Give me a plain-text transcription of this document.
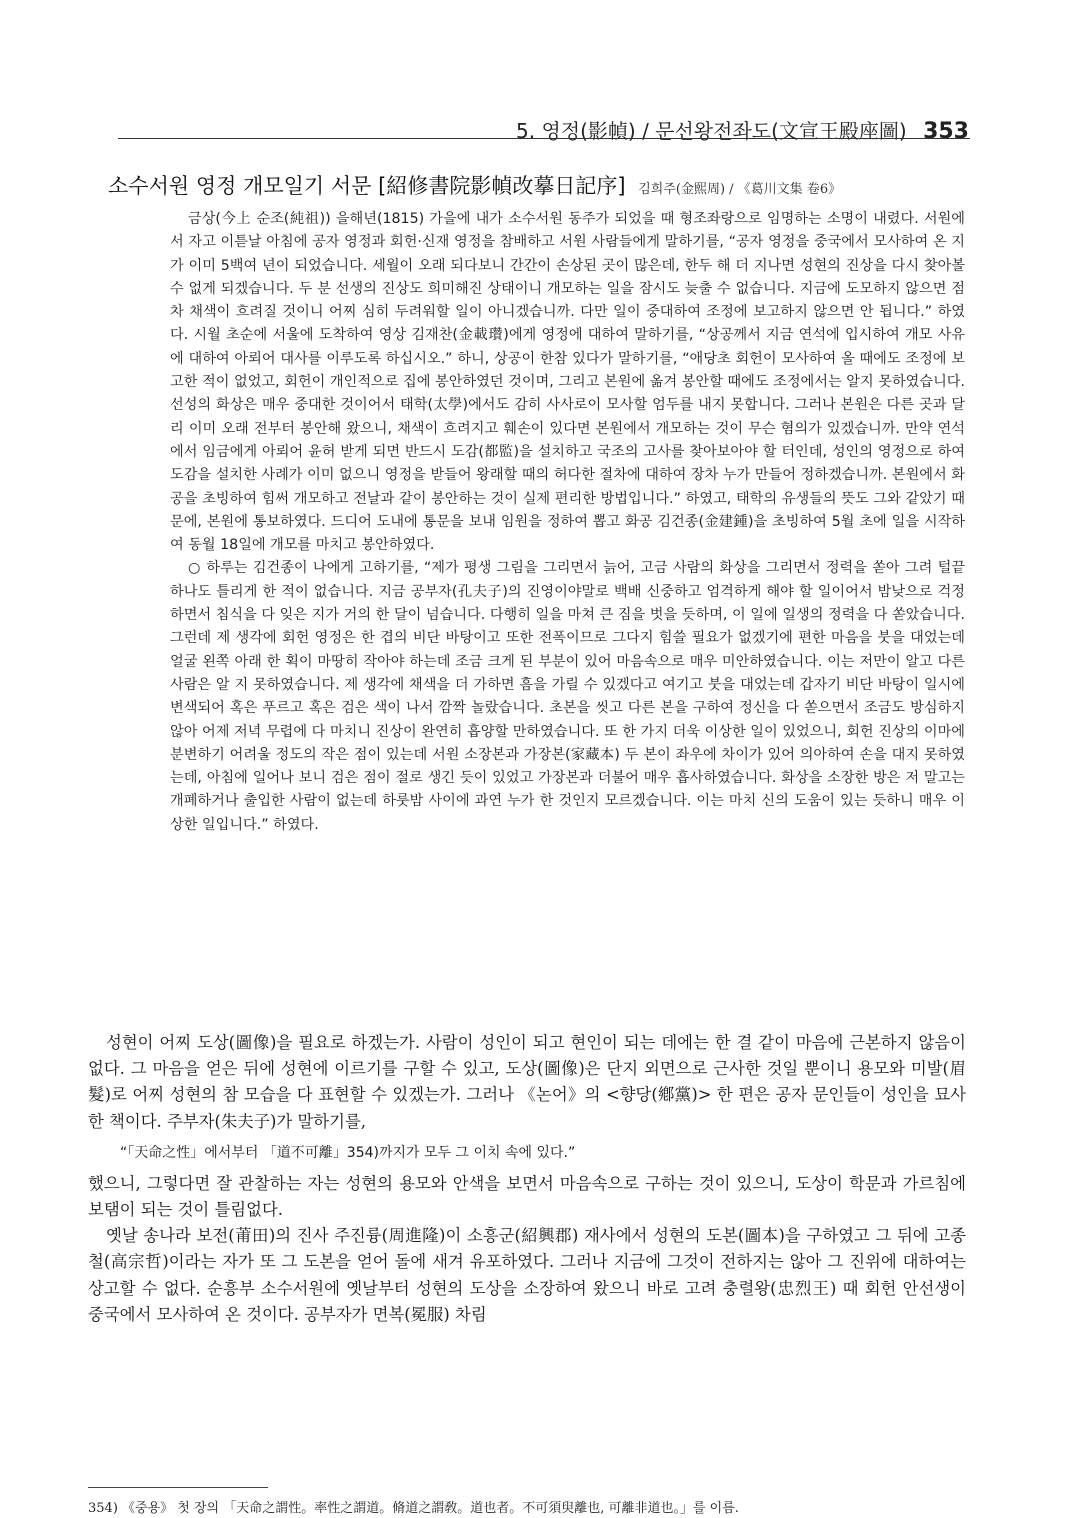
5. 영정(影幀) / 문선왕전좌도(文宣王殿座圖) 353
소수서원 영정 개모일기 서문 [紹修書院影幀改摹日記序] 김희주(金熙周) / 《葛川文集 卷6》

금상(今上 순조(純祖)) 을해년(1815) 가을에 내가 소수서원 동주가 되었을 때 형조좌랑으로 임명하는 소명이 내렸다. 서원에서 자고 이튿날 아침에 공자 영정과 회헌·신재 영정을 참배하고 서원 사람들에게 말하기를, “공자 영정을 중국에서 모사하여 온 지가 이미 5백여 년이 되었습니다. 세월이 오래 되다보니 간간이 손상된 곳이 많은데, 한두 해 더 지나면 성현의 진상을 다시 찾아볼 수 없게 되겠습니다. 두 분 선생의 진상도 희미해진 상태이니 개모하는 일을 잠시도 늦출 수 없습니다. 지금에 도모하지 않으면 점차 채색이 흐려질 것이니 어찌 심히 두려워할 일이 아니겠습니까. 다만 일이 중대하여 조정에 보고하지 않으면 안 됩니다.” 하였다. 시월 초순에 서울에 도착하여 영상 김재찬(金載瓚)에게 영정에 대하여 말하기를, “상공께서 지금 연석에 입시하여 개모 사유에 대하여 아뢰어 대사를 이루도록 하십시오.” 하니, 상공이 한참 있다가 말하기를, “애당초 회헌이 모사하여 올 때에도 조정에 보고한 적이 없었고, 회헌이 개인적으로 집에 봉안하였던 것이며, 그리고 본원에 옮겨 봉안할 때에도 조정에서는 알지 못하였습니다. 선성의 화상은 매우 중대한 것이어서 태학(太學)에서도 감히 사사로이 모사할 엄두를 내지 못합니다. 그러나 본원은 다른 곳과 달리 이미 오래 전부터 봉안해 왔으니, 채색이 흐려지고 훼손이 있다면 본원에서 개모하는 것이 무슨 혐의가 있겠습니까. 만약 연석에서 임금에게 아뢰어 윤허 받게 되면 반드시 도감(都監)을 설치하고 국조의 고사를 찾아보아야 할 터인데, 성인의 영정으로 하여 도감을 설치한 사례가 이미 없으니 영정을 받들어 왕래할 때의 허다한 절차에 대하여 장차 누가 만들어 정하겠습니까. 본원에서 화공을 초빙하여 힘써 개모하고 전날과 같이 봉안하는 것이 실제 편리한 방법입니다.” 하였고, 태학의 유생들의 뜻도 그와 같았기 때문에, 본원에 통보하였다. 드디어 도내에 통문을 보내 임원을 정하여 뽑고 화공 김건종(金建鍾)을 초빙하여 5월 초에 일을 시작하여 동월 18일에 개모를 마치고 봉안하였다.

○ 하루는 김건종이 나에게 고하기를, “제가 평생 그림을 그리면서 늙어, 고금 사람의 화상을 그리면서 정력을 쏟아 그려 털끝 하나도 틀리게 한 적이 없습니다. 지금 공부자(孔夫子)의 진영이야말로 백배 신중하고 엄격하게 해야 할 일이어서 밤낮으로 걱정하면서 침식을 다 잊은 지가 거의 한 달이 넘습니다. 다행히 일을 마쳐 큰 짐을 벗을 듯하며, 이 일에 일생의 정력을 다 쏟았습니다. 그런데 제 생각에 회헌 영정은 한 겹의 비단 바탕이고 또한 전폭이므로 그다지 힘쓸 필요가 없겠기에 편한 마음을 붓을 대었는데 얼굴 왼쪽 아래 한 획이 마땅히 작아야 하는데 조금 크게 된 부분이 있어 마음속으로 매우 미안하였습니다. 이는 저만이 알고 다른 사람은 알 지 못하였습니다. 제 생각에 채색을 더 가하면 흠을 가릴 수 있겠다고 여기고 붓을 대었는데 갑자기 비단 바탕이 일시에 변색되어 혹은 푸르고 혹은 검은 색이 나서 깜짝 놀랐습니다. 초본을 씻고 다른 본을 구하여 정신을 다 쏟으면서 조금도 방심하지 않아 어제 저녁 무렵에 다 마치니 진상이 완연히 흡양할 만하였습니다. 또 한 가지 더욱 이상한 일이 있었으니, 회헌 진상의 이마에 분변하기 어려울 정도의 작은 점이 있는데 서원 소장본과 가장본(家藏本) 두 본이 좌우에 차이가 있어 의아하여 손을 대지 못하였는데, 아침에 일어나 보니 검은 점이 절로 생긴 듯이 있었고 가장본과 더불어 매우 흡사하였습니다. 화상을 소장한 방은 저 말고는 개폐하거나 출입한 사람이 없는데 하룻밤 사이에 과연 누가 한 것인지 모르겠습니다. 이는 마치 신의 도움이 있는 듯하니 매우 이상한 일입니다.” 하였다.

성현이 어찌 도상(圖像)을 필요로 하겠는가. 사람이 성인이 되고 현인이 되는 데에는 한 결 같이 마음에 근본하지 않음이 없다. 그 마음을 얻은 뒤에 성현에 이르기를 구할 수 있고, 도상(圖像)은 단지 외면으로 근사한 것일 뿐이니 용모와 미발(眉髮)로 어찌 성현의 참 모습을 다 표현할 수 있겠는가. 그러나 《논어》의 <향당(鄕黨)> 한 편은 공자 문인들이 성인을 묘사한 책이다. 주부자(朱夫子)가 말하기를,

“「天命之性」에서부터 「道不可離」354)까지가 모두 그 이치 속에 있다.”

했으니, 그렇다면 잘 관찰하는 자는 성현의 용모와 안색을 보면서 마음속으로 구하는 것이 있으니, 도상이 학문과 가르침에 보탬이 되는 것이 틀림없다.

옛날 송나라 보전(莆田)의 진사 주진륭(周進隆)이 소흥군(紹興郡) 재사에서 성현의 도본(圖本)을 구하였고 그 뒤에 고종철(高宗哲)이라는 자가 또 그 도본을 얻어 돌에 새겨 유포하였다. 그러나 지금에 그것이 전하지는 않아 그 진위에 대하여는 상고할 수 없다. 순흥부 소수서원에 옛날부터 성현의 도상을 소장하여 왔으니 바로 고려 충렬왕(忠烈王) 때 회헌 안선생이 중국에서 모사하여 온 것이다. 공부자가 면복(冕服) 차림

354) 《중용》 첫 장의 「天命之謂性。率性之謂道。脩道之謂敎。道也者。不可須臾離也, 可離非道也。」를 이름.
